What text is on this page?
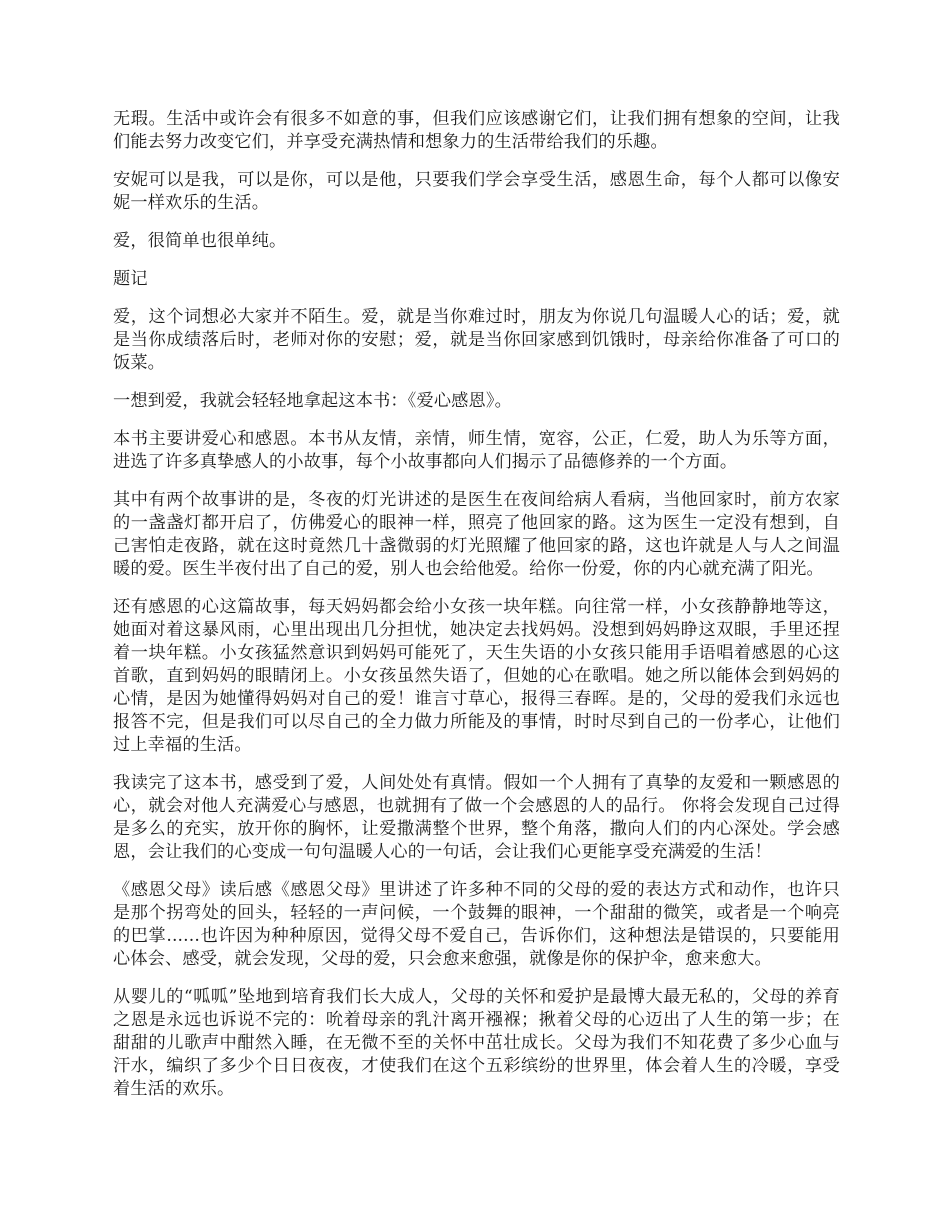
无瑕。生活中或许会有很多不如意的事，但我们应该感谢它们，让我们拥有想象的空间，让我们能去努力改变它们，并享受充满热情和想象力的生活带给我们的乐趣。

安妮可以是我，可以是你，可以是他，只要我们学会享受生活，感恩生命，每个人都可以像安妮一样欢乐的生活。

爱，很简单也很单纯。

题记

爱，这个词想必大家并不陌生。爱，就是当你难过时，朋友为你说几句温暖人心的话；爱，就是当你成绩落后时，老师对你的安慰；爱，就是当你回家感到饥饿时，母亲给你准备了可口的饭菜。

一想到爱，我就会轻轻地拿起这本书：《爱心感恩》。

本书主要讲爱心和感恩。本书从友情，亲情，师生情，宽容，公正，仁爱，助人为乐等方面，进选了许多真挚感人的小故事，每个小故事都向人们揭示了品德修养的一个方面。

其中有两个故事讲的是，冬夜的灯光讲述的是医生在夜间给病人看病，当他回家时，前方农家的一盏盏灯都开启了，仿佛爱心的眼神一样，照亮了他回家的路。这为医生一定没有想到，自己害怕走夜路，就在这时竟然几十盏微弱的灯光照耀了他回家的路，这也许就是人与人之间温暖的爱。医生半夜付出了自己的爱，别人也会给他爱。给你一份爱，你的内心就充满了阳光。

还有感恩的心这篇故事，每天妈妈都会给小女孩一块年糕。向往常一样，小女孩静静地等这，她面对着这暴风雨，心里出现出几分担忧，她决定去找妈妈。没想到妈妈睁这双眼，手里还捏着一块年糕。小女孩猛然意识到妈妈可能死了，天生失语的小女孩只能用手语唱着感恩的心这首歌，直到妈妈的眼睛闭上。小女孩虽然失语了，但她的心在歌唱。她之所以能体会到妈妈的心情，是因为她懂得妈妈对自己的爱！谁言寸草心，报得三春晖。是的，父母的爱我们永远也报答不完，但是我们可以尽自己的全力做力所能及的事情，时时尽到自己的一份孝心，让他们过上幸福的生活。

我读完了这本书，感受到了爱，人间处处有真情。假如一个人拥有了真挚的友爱和一颗感恩的心，就会对他人充满爱心与感恩，也就拥有了做一个会感恩的人的品行。 你将会发现自己过得是多么的充实，放开你的胸怀，让爱撒满整个世界，整个角落，撒向人们的内心深处。学会感恩，会让我们的心变成一句句温暖人心的一句话，会让我们心更能享受充满爱的生活！

《感恩父母》读后感《感恩父母》里讲述了许多种不同的父母的爱的表达方式和动作，也许只是那个拐弯处的回头，轻轻的一声问候，一个鼓舞的眼神，一个甜甜的微笑，或者是一个响亮的巴掌......也许因为种种原因，觉得父母不爱自己，告诉你们，这种想法是错误的，只要能用心体会、感受，就会发现，父母的爱，只会愈来愈强，就像是你的保护伞，愈来愈大。

从婴儿的“呱呱”坠地到培育我们长大成人，父母的关怀和爱护是最博大最无私的，父母的养育之恩是永远也诉说不完的：吮着母亲的乳汁离开襁褓；揪着父母的心迈出了人生的第一步；在甜甜的儿歌声中酣然入睡，在无微不至的关怀中茁壮成长。父母为我们不知花费了多少心血与汗水，编织了多少个日日夜夜，才使我们在这个五彩缤纷的世界里，体会着人生的冷暖，享受着生活的欢乐。
